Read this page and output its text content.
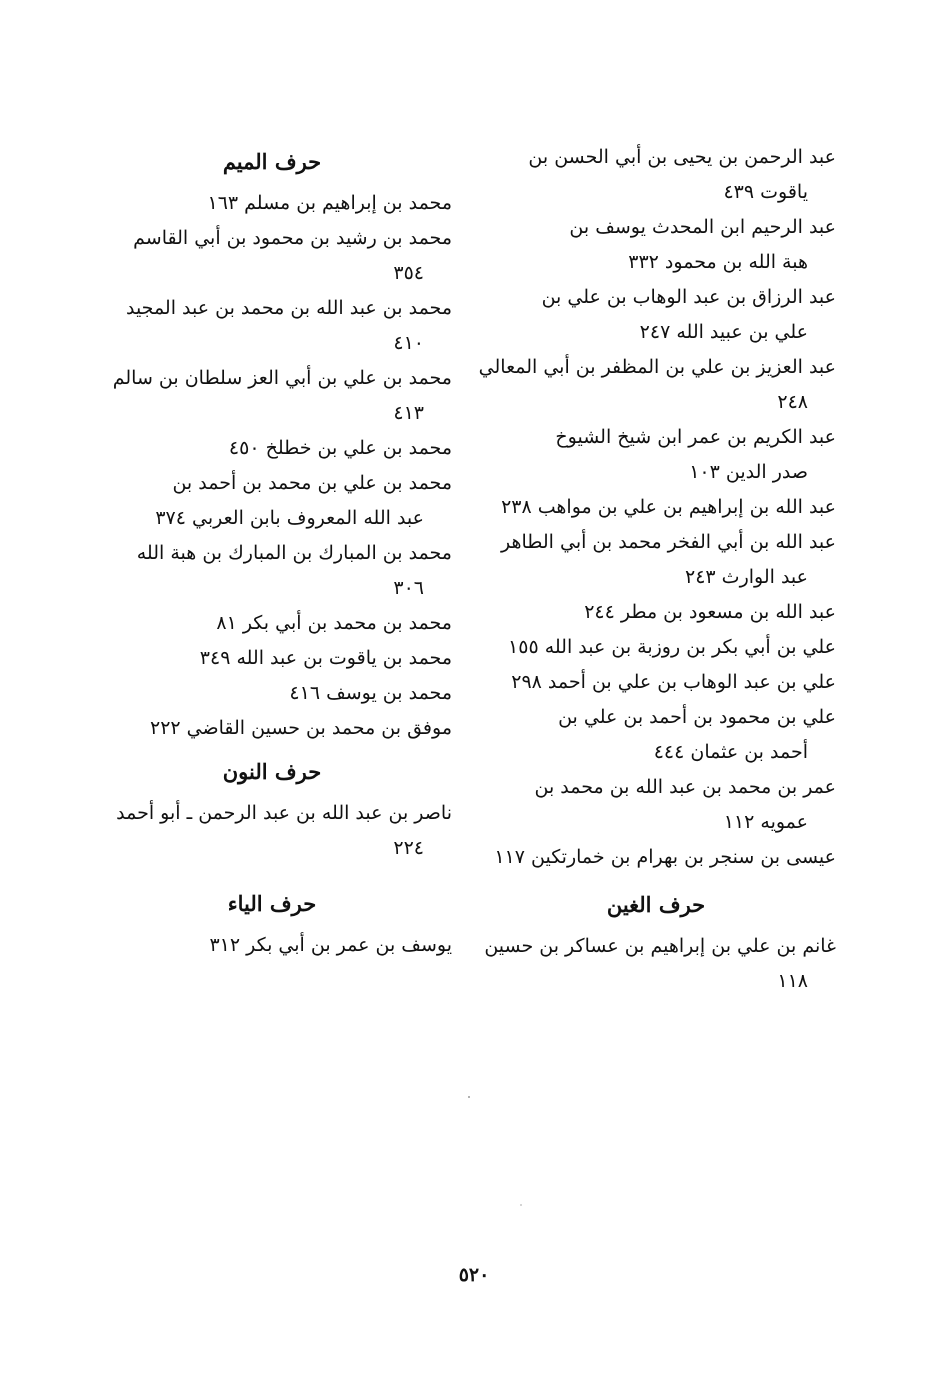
عبد الرحمن بن يحيى بن أبي الحسن بن
ياقوت ٤٣٩

عبد الرحيم ابن المحدث يوسف بن
هبة الله بن محمود ٣٣٢

عبد الرزاق بن عبد الوهاب بن علي بن
علي بن عبيد الله ٢٤٧

عبد العزيز بن علي بن المظفر بن أبي المعالي
٢٤٨

عبد الكريم بن عمر ابن شيخ الشيوخ
صدر الدين ١٠٣

عبد الله بن إبراهيم بن علي بن مواهب ٢٣٨

عبد الله بن أبي الفخر محمد بن أبي الطاهر
عبد الوارث ٢٤٣

عبد الله بن مسعود بن مطر ٢٤٤

علي بن أبي بكر بن روزبة بن عبد الله ١٥٥

علي بن عبد الوهاب بن علي بن أحمد ٢٩٨

علي بن محمود بن أحمد بن علي بن
أحمد بن عثمان ٤٤٤

عمر بن محمد بن عبد الله بن محمد بن
عمويه ١١٢

عيسى بن سنجر بن بهرام بن خمارتكين ١١٧

حرف الغين

غانم بن علي بن إبراهيم بن عساكر بن حسين
١١٨

حرف الميم

محمد بن إبراهيم بن مسلم ١٦٣

محمد بن رشيد بن محمود بن أبي القاسم
٣٥٤

محمد بن عبد الله بن محمد بن عبد المجيد
٤١٠

محمد بن علي بن أبي العز سلطان بن سالم
٤١٣

محمد بن علي بن خطلخ ٤٥٠

محمد بن علي بن محمد بن أحمد بن
عبد الله المعروف بابن العربي ٣٧٤

محمد بن المبارك بن المبارك بن هبة الله
٣٠٦

محمد بن محمد بن أبي بكر ٨١

محمد بن ياقوت بن عبد الله ٣٤٩

محمد بن يوسف ٤١٦

موفق بن محمد بن حسين القاضي ٢٢٢

حرف النون

ناصر بن عبد الله بن عبد الرحمن ـ أبو أحمد
٢٢٤

حرف الياء

يوسف بن عمر بن أبي بكر ٣١٢

٥٢٠
